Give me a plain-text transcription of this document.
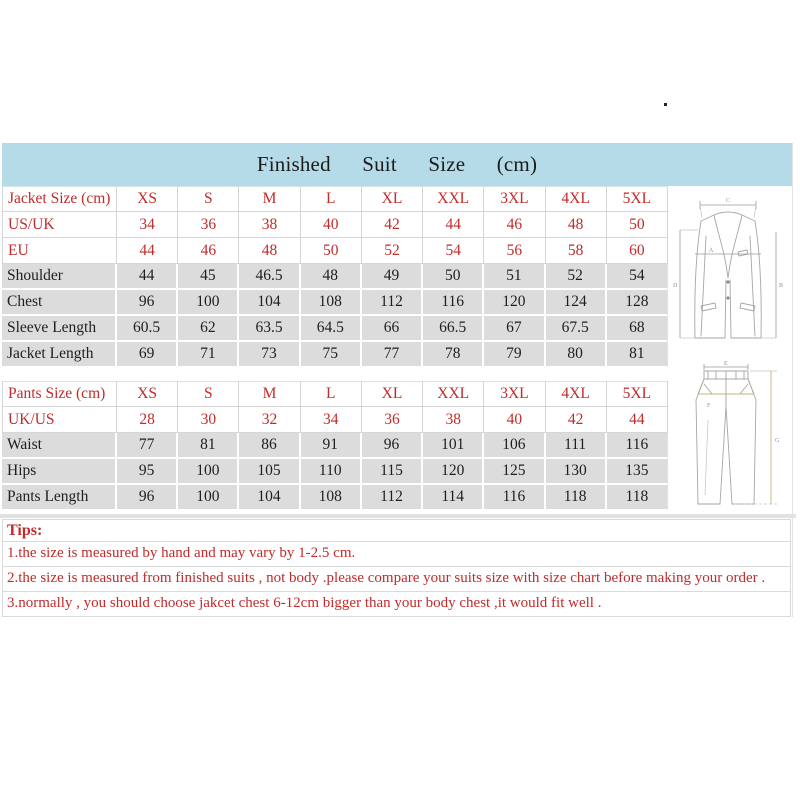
Finished Suit Size (cm)
Jacket Size (cm)	XS	S	M	L	XL	XXL	3XL	4XL	5XL
US/UK	34	36	38	40	42	44	46	48	50
EU	44	46	48	50	52	54	56	58	60
Shoulder	44	45	46.5	48	49	50	51	52	54
Chest	96	100	104	108	112	116	120	124	128
Sleeve Length	60.5	62	63.5	64.5	66	66.5	67	67.5	68
Jacket Length	69	71	73	75	77	78	79	80	81
Pants Size (cm)	XS	S	M	L	XL	XXL	3XL	4XL	5XL
UK/US	28	30	32	34	36	38	40	42	44
Waist	77	81	86	91	96	101	106	111	116
Hips	95	100	105	110	115	120	125	130	135
Pants Length	96	100	104	108	112	114	116	118	118
Tips:
1.the size is measured by hand and may vary by 1-2.5 cm.
2.the size is measured from finished suits , not body .please compare your suits size with size chart before making your order .
3.normally , you should choose jakcet chest 6-12cm bigger than your body chest ,it would fit well .
C
A
D	B
E
F
G
